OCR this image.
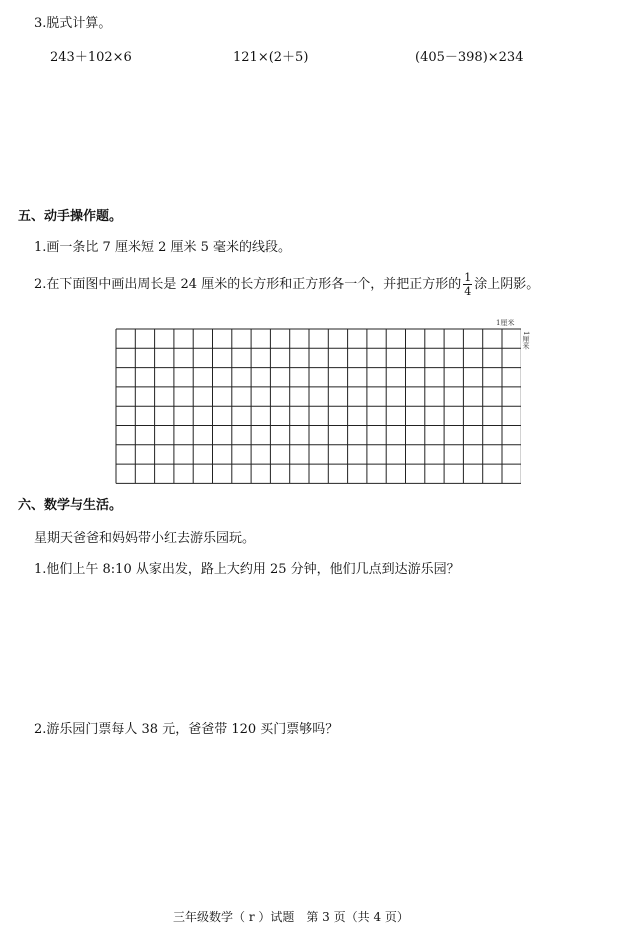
3.脱式计算。
243＋102×6	121×(2＋5)	(405－398)×234
五、动手操作题。
1.画一条比 7 厘米短 2 厘米 5 毫米的线段。
2.在下面图中画出周长是 24 厘米的长方形和正方形各一个，并把正方形的 $\frac{1}{4}$ 涂上阴影。
1厘米
1厘米
六、数学与生活。
星期天爸爸和妈妈带小红去游乐园玩。
1.他们上午 8:10 从家出发，路上大约用 25 分钟，他们几点到达游乐园？
2.游乐园门票每人 38 元，爸爸带 120 买门票够吗？
三年级数学（ r ）试题　第 3 页（共 4 页）
